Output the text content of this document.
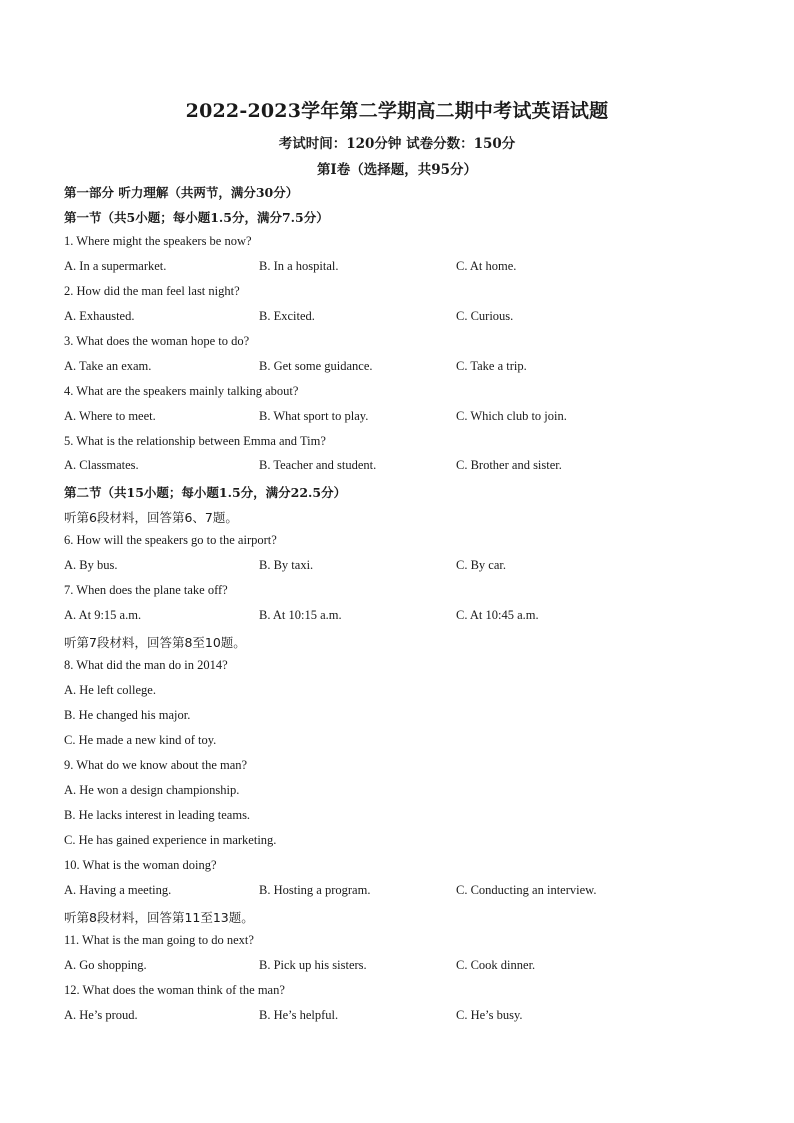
2022-2023学年第二学期高二期中考试英语试题
考试时间：120分钟 试卷分数：150分
第Ⅰ卷（选择题，共95分）
第一部分 听力理解（共两节，满分30分）
第一节（共5小题；每小题1.5分，满分7.5分）
1. Where might the speakers be now?
A. In a supermarket.	B. In a hospital.	C. At home.
2. How did the man feel last night?
A. Exhausted.	B. Excited.	C. Curious.
3. What does the woman hope to do?
A. Take an exam.	B. Get some guidance.	C. Take a trip.
4. What are the speakers mainly talking about?
A. Where to meet.	B. What sport to play.	C. Which club to join.
5. What is the relationship between Emma and Tim?
A. Classmates.	B. Teacher and student.	C. Brother and sister.
第二节（共15小题；每小题1.5分，满分22.5分）
听第6段材料，回答第6、7题。
6. How will the speakers go to the airport?
A. By bus.	B. By taxi.	C. By car.
7. When does the plane take off?
A. At 9:15 a.m.	B. At 10:15 a.m.	C. At 10:45 a.m.
听第7段材料，回答第8至10题。
8. What did the man do in 2014?
A. He left college.
B. He changed his major.
C. He made a new kind of toy.
9. What do we know about the man?
A. He won a design championship.
B. He lacks interest in leading teams.
C. He has gained experience in marketing.
10. What is the woman doing?
A. Having a meeting.	B. Hosting a program.	C. Conducting an interview.
听第8段材料，回答第11至13题。
11. What is the man going to do next?
A. Go shopping.	B. Pick up his sisters.	C. Cook dinner.
12. What does the woman think of the man?
A. He’s proud.	B. He’s helpful.	C. He’s busy.
